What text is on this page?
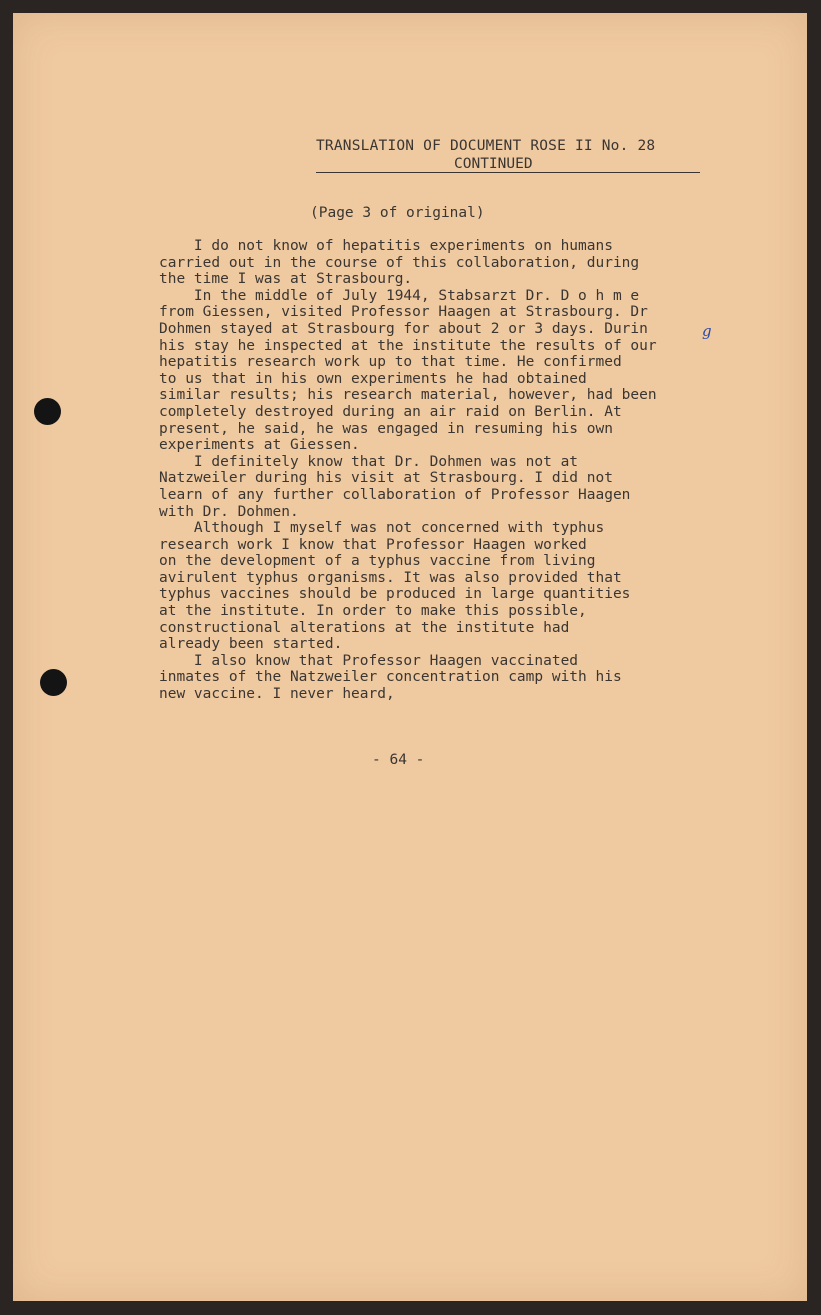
TRANSLATION OF DOCUMENT ROSE II No. 28
CONTINUED
(Page 3 of original)
I do not know of hepatitis experiments on humans
carried out in the course of this collaboration, during
the time I was at Strasbourg.
In the middle of July 1944, Stabsarzt Dr. D o h m e
from Giessen, visited Professor Haagen at Strasbourg. Dr
Dohmen stayed at Strasbourg for about 2 or 3 days. Durin
his stay he inspected at the institute the results of our
hepatitis research work up to that time. He confirmed
to us that in his own experiments he had obtained
similar results; his research material, however, had been
completely destroyed during an air raid on Berlin. At
present, he said, he was engaged in resuming his own
experiments at Giessen.
I definitely know that Dr. Dohmen was not at
Natzweiler during his visit at Strasbourg. I did not
learn of any further collaboration of Professor Haagen
with Dr. Dohmen.
Although I myself was not concerned with typhus
research work I know that Professor Haagen worked
on the development of a typhus vaccine from living
avirulent typhus organisms. It was also provided that
typhus vaccines should be produced in large quantities
at the institute. In order to make this possible,
constructional alterations at the institute had
already been started.
I also know that Professor Haagen vaccinated
inmates of the Natzweiler concentration camp with his
new vaccine. I never heard,
g
- 64 -
